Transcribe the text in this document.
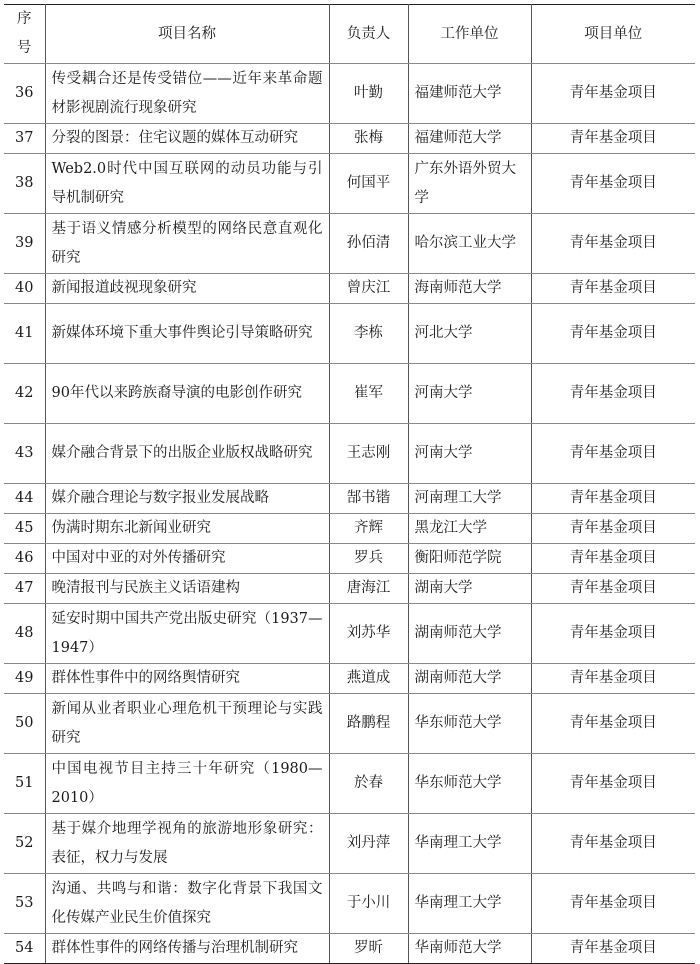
序号	项目名称	负责人	工作单位	项目单位
36	传受耦合还是传受错位——近年来革命题材影视剧流行现象研究	叶勤	福建师范大学	青年基金项目
37	分裂的图景：住宅议题的媒体互动研究	张梅	福建师范大学	青年基金项目
38	Web2.0时代中国互联网的动员功能与引导机制研究	何国平	广东外语外贸大学	青年基金项目
39	基于语义情感分析模型的网络民意直观化研究	孙佰清	哈尔滨工业大学	青年基金项目
40	新闻报道歧视现象研究	曾庆江	海南师范大学	青年基金项目
41	新媒体环境下重大事件舆论引导策略研究	李栋	河北大学	青年基金项目
42	90年代以来跨族裔导演的电影创作研究	崔军	河南大学	青年基金项目
43	媒介融合背景下的出版企业版权战略研究	王志刚	河南大学	青年基金项目
44	媒介融合理论与数字报业发展战略	郜书锴	河南理工大学	青年基金项目
45	伪满时期东北新闻业研究	齐辉	黑龙江大学	青年基金项目
46	中国对中亚的对外传播研究	罗兵	衡阳师范学院	青年基金项目
47	晚清报刊与民族主义话语建构	唐海江	湖南大学	青年基金项目
48	延安时期中国共产党出版史研究（1937—1947）	刘苏华	湖南师范大学	青年基金项目
49	群体性事件中的网络舆情研究	燕道成	湖南师范大学	青年基金项目
50	新闻从业者职业心理危机干预理论与实践研究	路鹏程	华东师范大学	青年基金项目
51	中国电视节目主持三十年研究（1980—2010）	於春	华东师范大学	青年基金项目
52	基于媒介地理学视角的旅游地形象研究：表征，权力与发展	刘丹萍	华南理工大学	青年基金项目
53	沟通、共鸣与和谐：数字化背景下我国文化传媒产业民生价值探究	于小川	华南理工大学	青年基金项目
54	群体性事件的网络传播与治理机制研究	罗昕	华南师范大学	青年基金项目
